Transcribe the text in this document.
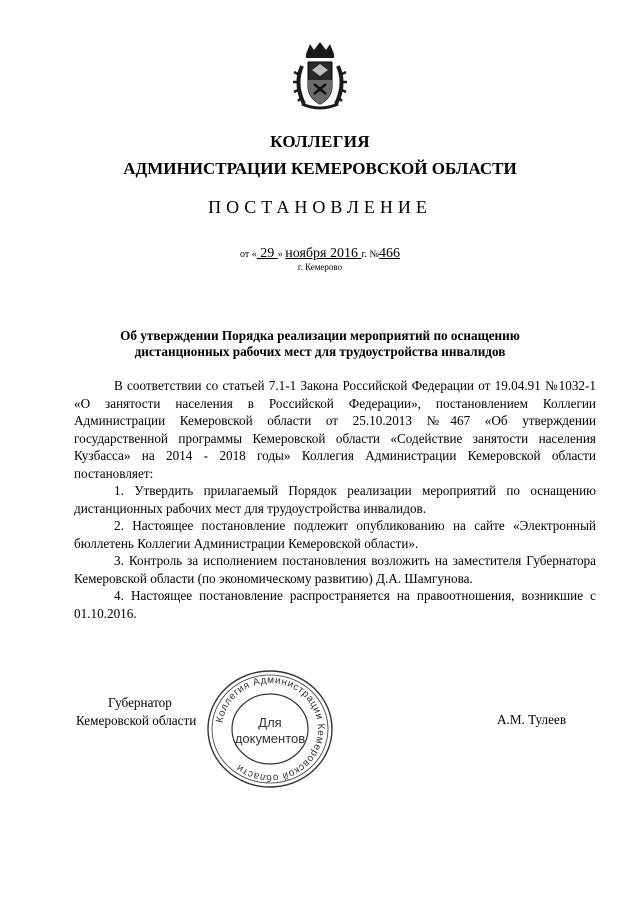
КОЛЛЕГИЯ
АДМИНИСТРАЦИИ КЕМЕРОВСКОЙ ОБЛАСТИ
ПОСТАНОВЛЕНИЕ
от « 29 » ноября 2016 г. №466
г. Кемерово
Об утверждении Порядка реализации мероприятий по оснащению
дистанционных рабочих мест для трудоустройства инвалидов

В соответствии со статьей 7.1-1 Закона Российской Федерации от 19.04.91 №1032-1 «О занятости населения в Российской Федерации», постановлением Коллегии Администрации Кемеровской области от 25.10.2013 №467 «Об утверждении государственной программы Кемеровской области «Содействие занятости населения Кузбасса» на 2014 - 2018 годы» Коллегия Администрации Кемеровской области постановляет:

1. Утвердить прилагаемый Порядок реализации мероприятий по оснащению дистанционных рабочих мест для трудоустройства инвалидов.

2. Настоящее постановление подлежит опубликованию на сайте «Электронный бюллетень Коллегии Администрации Кемеровской области».

3. Контроль за исполнением постановления возложить на заместителя Губернатора Кемеровской области (по экономическому развитию) Д.А. Шамгунова.

4. Настоящее постановление распространяется на правоотношения, возникшие с 01.10.2016.

Губернатор
Кемеровской области	А.М. Тулеев
Коллегия Администрации Кемеровской области
Для
документов
